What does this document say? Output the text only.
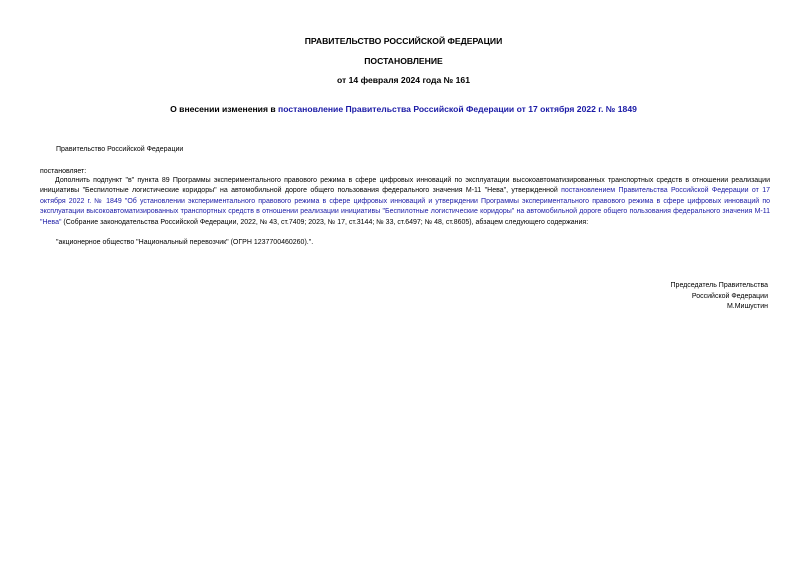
ПРАВИТЕЛЬСТВО РОССИЙСКОЙ ФЕДЕРАЦИИ
ПОСТАНОВЛЕНИЕ
от 14 февраля 2024 года № 161
О внесении изменения в постановление Правительства Российской Федерации от 17 октября 2022 г. № 1849
Правительство Российской Федерации
постановляет:

Дополнить подпункт "в" пункта 89 Программы экспериментального правового режима в сфере цифровых инноваций по эксплуатации высокоавтоматизированных транспортных средств в отношении реализации инициативы "Беспилотные логистические коридоры" на автомобильной дороге общего пользования федерального значения М-11 "Нева", утвержденной постановлением Правительства Российской Федерации от 17 октября 2022 г. № 1849 "Об установлении экспериментального правового режима в сфере цифровых инноваций и утверждении Программы экспериментального правового режима в сфере цифровых инноваций по эксплуатации высокоавтоматизированных транспортных средств в отношении реализации инициативы "Беспилотные логистические коридоры" на автомобильной дороге общего пользования федерального значения М-11 "Нева" (Собрание законодательства Российской Федерации, 2022, № 43, ст.7409; 2023, № 17, ст.3144; № 33, ст.6497; № 48, ст.8605), абзацем следующего содержания:

"акционерное общество "Национальный перевозчик" (ОГРН 1237700460260).".
Председатель Правительства
Российской Федерации
М.Мишустин
